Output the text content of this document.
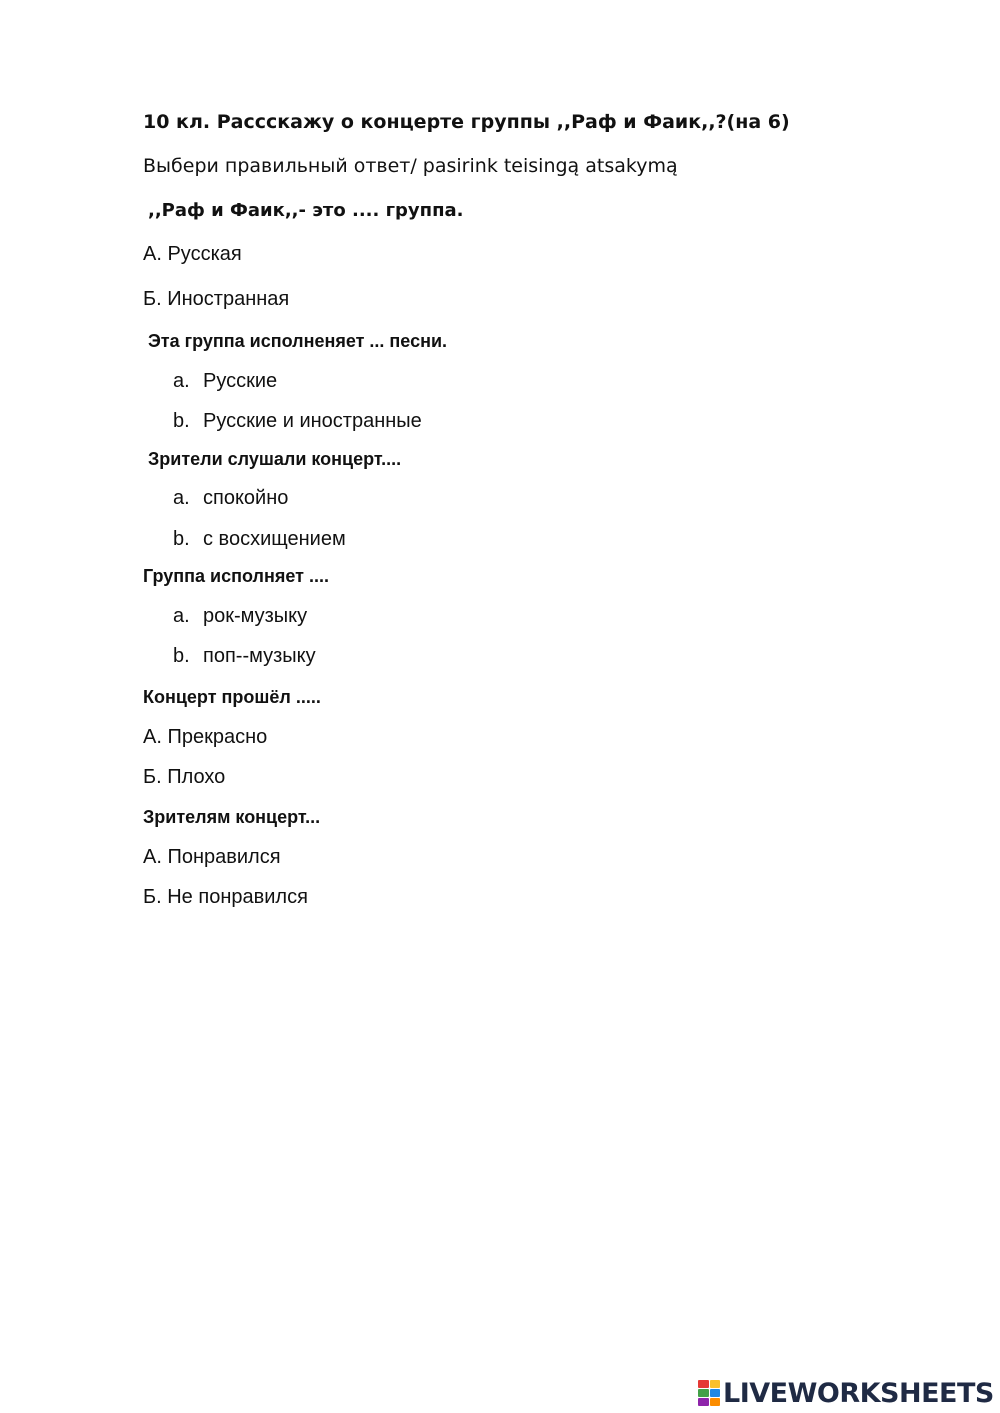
10 кл. Рассскажу о концерте группы ,,Раф и Фаик,,?(на 6)

Выбери правильный ответ/ pasirink teisingą atsakymą

,,Раф и Фаик,,- это .... группа.

А. Русская

Б. Иностранная

Эта группа исполненяет ... песни.

a. Русские

b. Русские и иностранные

Зрители слушали концерт....

a. спокойно

b. с восхищением

Группа исполняет ....

a. рок-музыку

b. поп--музыку

Концерт прошёл .....

А. Прекрасно

Б. Плохо

Зрителям концерт...

А. Понравился

Б. Не понравился

LIVEWORKSHEETS
